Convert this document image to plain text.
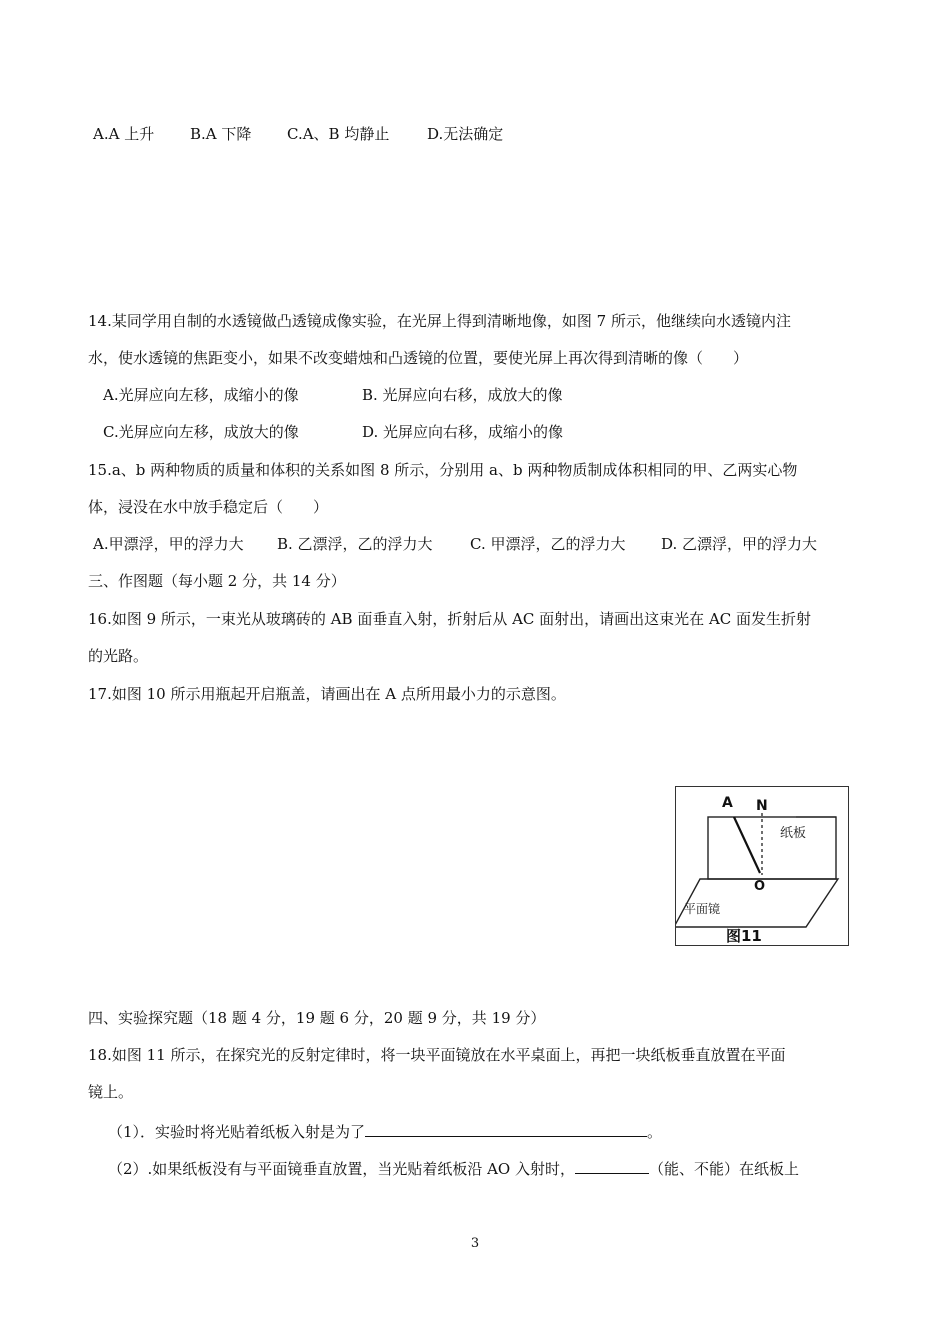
A.A 上升 B.A 下降 C.A、B 均静止	D.无法确定
14.某同学用自制的水透镜做凸透镜成像实验，在光屏上得到清晰地像，如图 7 所示，他继续向水透镜内注
水，使水透镜的焦距变小，如果不改变蜡烛和凸透镜的位置，要使光屏上再次得到清晰的像（　　）
A.光屏应向左移，成缩小的像	B. 光屏应向右移，成放大的像
C.光屏应向左移，成放大的像	D. 光屏应向右移，成缩小的像
15.a、b 两种物质的质量和体积的关系如图 8 所示，分别用 a、b 两种物质制成体积相同的甲、乙两实心物
体，浸没在水中放手稳定后（　　）
A.甲漂浮，甲的浮力大 B. 乙漂浮，乙的浮力大 C. 甲漂浮，乙的浮力大 D. 乙漂浮，甲的浮力大
三、作图题（每小题 2 分，共 14 分）
16.如图 9 所示，一束光从玻璃砖的 AB 面垂直入射，折射后从 AC 面射出，请画出这束光在 AC 面发生折射
的光路。
17.如图 10 所示用瓶起开启瓶盖，请画出在 A 点所用最小力的示意图。
A N
纸板
O
平面镜
图11
四、实验探究题（18 题 4 分，19 题 6 分，20 题 9 分，共 19 分）
18.如图 11 所示，在探究光的反射定律时，将一块平面镜放在水平桌面上，再把一块纸板垂直放置在平面
镜上。
（1）．实验时将光贴着纸板入射是为了	。
（2）.如果纸板没有与平面镜垂直放置，当光贴着纸板沿 AO 入射时，	（能、不能）在纸板上
3
